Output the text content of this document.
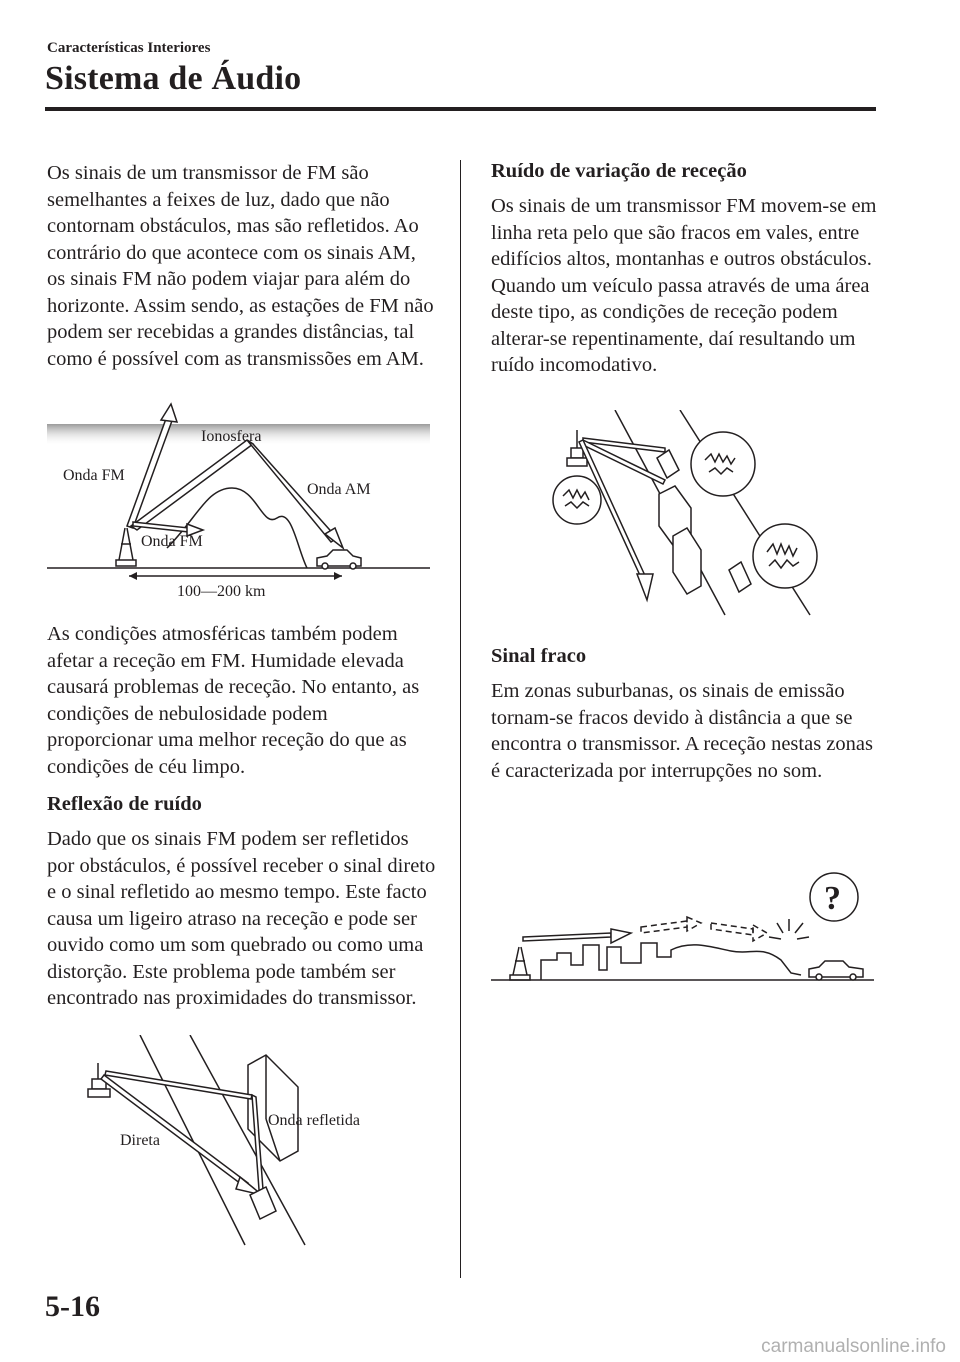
Características Interiores
Sistema de Áudio

Os sinais de um transmissor de FM são semelhantes a feixes de luz, dado que não contornam obstáculos, mas são refletidos. Ao contrário do que acontece com os sinais AM, os sinais FM não podem viajar para além do horizonte. Assim sendo, as estações de FM não podem ser recebidas a grandes distâncias, tal como é possível com as transmissões em AM.

Ionosfera
Onda FM
Onda AM
Onda FM
100—200 km

As condições atmosféricas também podem afetar a receção em FM. Humidade elevada causará problemas de receção. No entanto, as condições de nebulosidade podem proporcionar uma melhor receção do que as condições de céu limpo.

Reflexão de ruído

Dado que os sinais FM podem ser refletidos por obstáculos, é possível receber o sinal direto e o sinal refletido ao mesmo tempo. Este facto causa um ligeiro atraso na receção e pode ser ouvido como um som quebrado ou como uma distorção. Este problema pode também ser encontrado nas proximidades do transmissor.

Onda refletida
Direta

Ruído de variação de receção

Os sinais de um transmissor FM movem-se em linha reta pelo que são fracos em vales, entre edifícios altos, montanhas e outros obstáculos. Quando um veículo passa através de uma área deste tipo, as condições de receção podem alterar-se repentinamente, daí resultando um ruído incomodativo.

Sinal fraco

Em zonas suburbanas, os sinais de emissão tornam-se fracos devido à distância a que se encontra o transmissor. A receção nestas zonas é caracterizada por interrupções no som.

?
5-16
carmanualsonline.info
